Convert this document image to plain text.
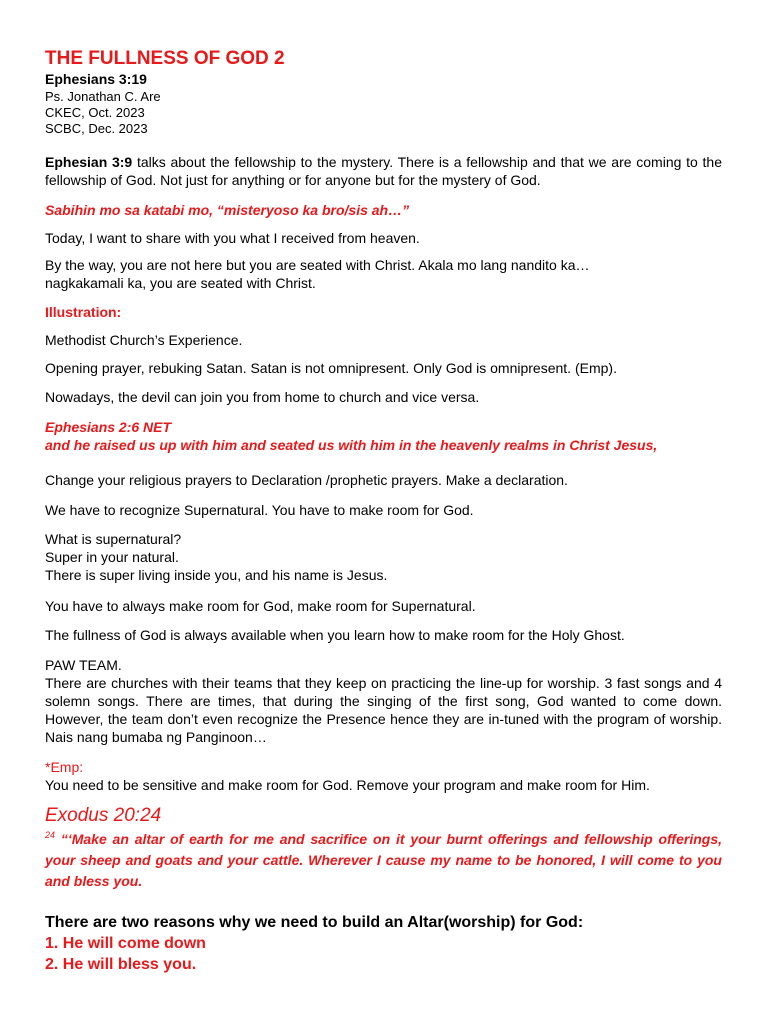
THE FULLNESS OF GOD 2
Ephesians 3:19
Ps. Jonathan C. Are
CKEC, Oct. 2023
SCBC, Dec. 2023

Ephesian 3:9 talks about the fellowship to the mystery. There is a fellowship and that we are coming to the fellowship of God. Not just for anything or for anyone but for the mystery of God.

Sabihin mo sa katabi mo, “misteryoso ka bro/sis ah…”

Today, I want to share with you what I received from heaven.

By the way, you are not here but you are seated with Christ. Akala mo lang nandito ka… nagkakamali ka, you are seated with Christ.

Illustration:

Methodist Church’s Experience.

Opening prayer, rebuking Satan. Satan is not omnipresent. Only God is omnipresent. (Emp).

Nowadays, the devil can join you from home to church and vice versa.

Ephesians 2:6 NET
and he raised us up with him and seated us with him in the heavenly realms in Christ Jesus,

Change your religious prayers to Declaration /prophetic prayers. Make a declaration.

We have to recognize Supernatural. You have to make room for God.

What is supernatural?
Super in your natural.
There is super living inside you, and his name is Jesus.

You have to always make room for God, make room for Supernatural.

The fullness of God is always available when you learn how to make room for the Holy Ghost.

PAW TEAM.

There are churches with their teams that they keep on practicing the line-up for worship. 3 fast songs and 4 solemn songs. There are times, that during the singing of the first song, God wanted to come down. However, the team don’t even recognize the Presence hence they are in-tuned with the program of worship. Nais nang bumaba ng Panginoon…

*Emp:

You need to be sensitive and make room for God. Remove your program and make room for Him.

Exodus 20:24

$^{24}$ “‘Make an altar of earth for me and sacrifice on it your burnt offerings and fellowship offerings, your sheep and goats and your cattle. Wherever I cause my name to be honored, I will come to you and bless you.

There are two reasons why we need to build an Altar(worship) for God:

1. He will come down
2. He will bless you.
